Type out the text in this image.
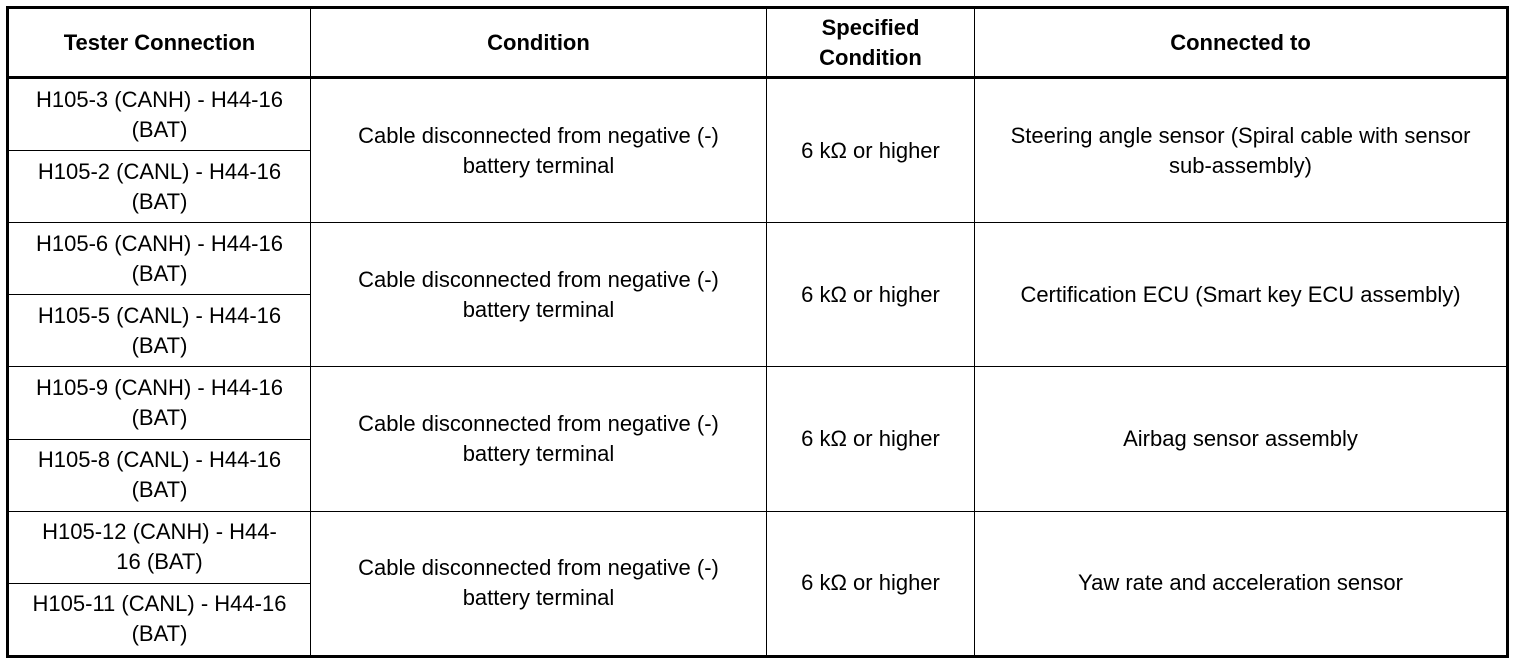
Tester Connection	Condition	Specified Condition	Connected to
H105-3 (CANH) - H44-16 (BAT)	Cable disconnected from negative (-) battery terminal	6 kΩ or higher	Steering angle sensor (Spiral cable with sensor sub-assembly)
H105-2 (CANL) - H44-16 (BAT)			
H105-6 (CANH) - H44-16 (BAT)	Cable disconnected from negative (-) battery terminal	6 kΩ or higher	Certification ECU (Smart key ECU assembly)
H105-5 (CANL) - H44-16 (BAT)			
H105-9 (CANH) - H44-16 (BAT)	Cable disconnected from negative (-) battery terminal	6 kΩ or higher	Airbag sensor assembly
H105-8 (CANL) - H44-16 (BAT)			
H105-12 (CANH) - H44-16 (BAT)	Cable disconnected from negative (-) battery terminal	6 kΩ or higher	Yaw rate and acceleration sensor
H105-11 (CANL) - H44-16 (BAT)			
